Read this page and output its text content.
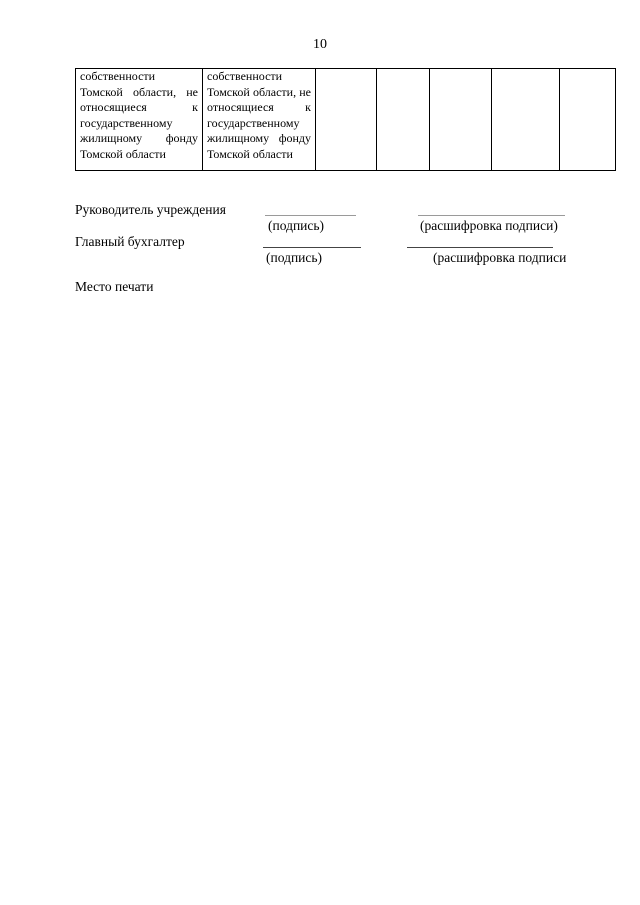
10
собственности Томской области, не относящиеся к государственному жилищному фонду Томской области	собственности Томской области, не относящиеся к государственному жилищному фонду Томской области					
Руководитель учреждения
(подпись)	(расшифровка подписи)
Главный бухгалтер
(подпись)	(расшифровка подписи
Место печати
